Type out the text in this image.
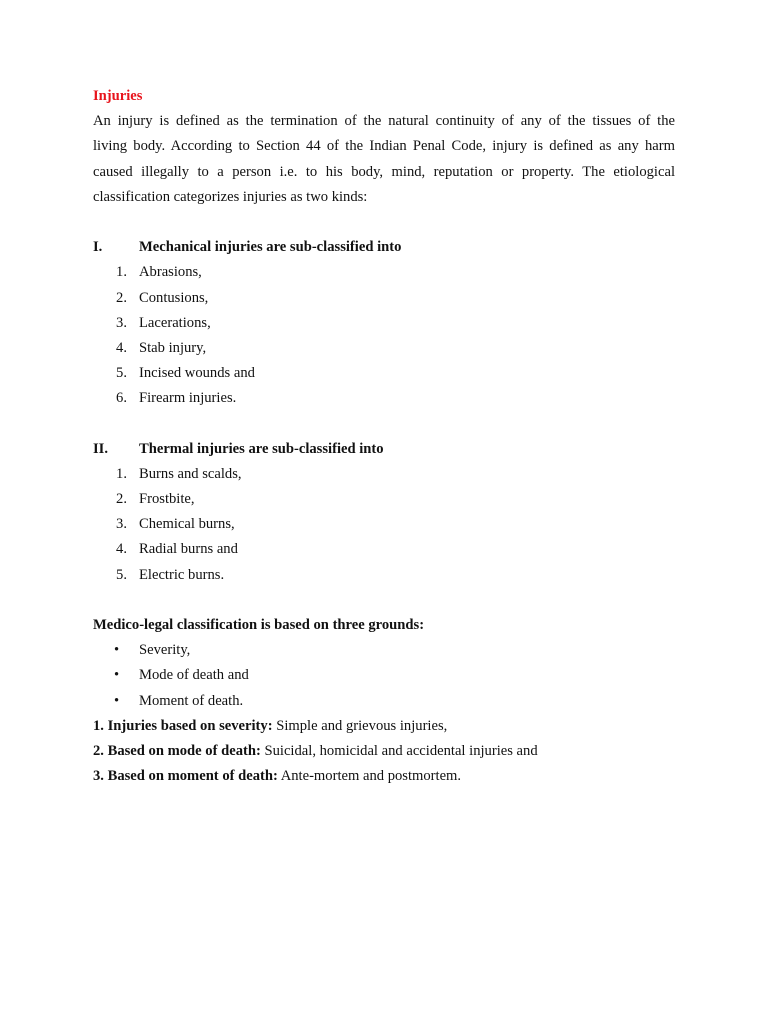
Injuries
An injury is defined as the termination of the natural continuity of any of the tissues of the
living body. According to Section 44 of the Indian Penal Code, injury is defined as any harm
caused illegally to a person i.e. to his body, mind, reputation or property. The etiological
classification categorizes injuries as two kinds:
I.	Mechanical injuries are sub-classified into
1. Abrasions,
2. Contusions,
3. Lacerations,
4. Stab injury,
5. Incised wounds and
6. Firearm injuries.
II. Thermal injuries are sub-classified into
1. Burns and scalds,
2. Frostbite,
3. Chemical burns,
4. Radial burns and
5. Electric burns.
Medico-legal classification is based on three grounds:
•	Severity,
•	Mode of death and
•	Moment of death.
1. Injuries based on severity: Simple and grievous injuries,
2. Based on mode of death: Suicidal, homicidal and accidental injuries and
3. Based on moment of death: Ante-mortem and postmortem.
